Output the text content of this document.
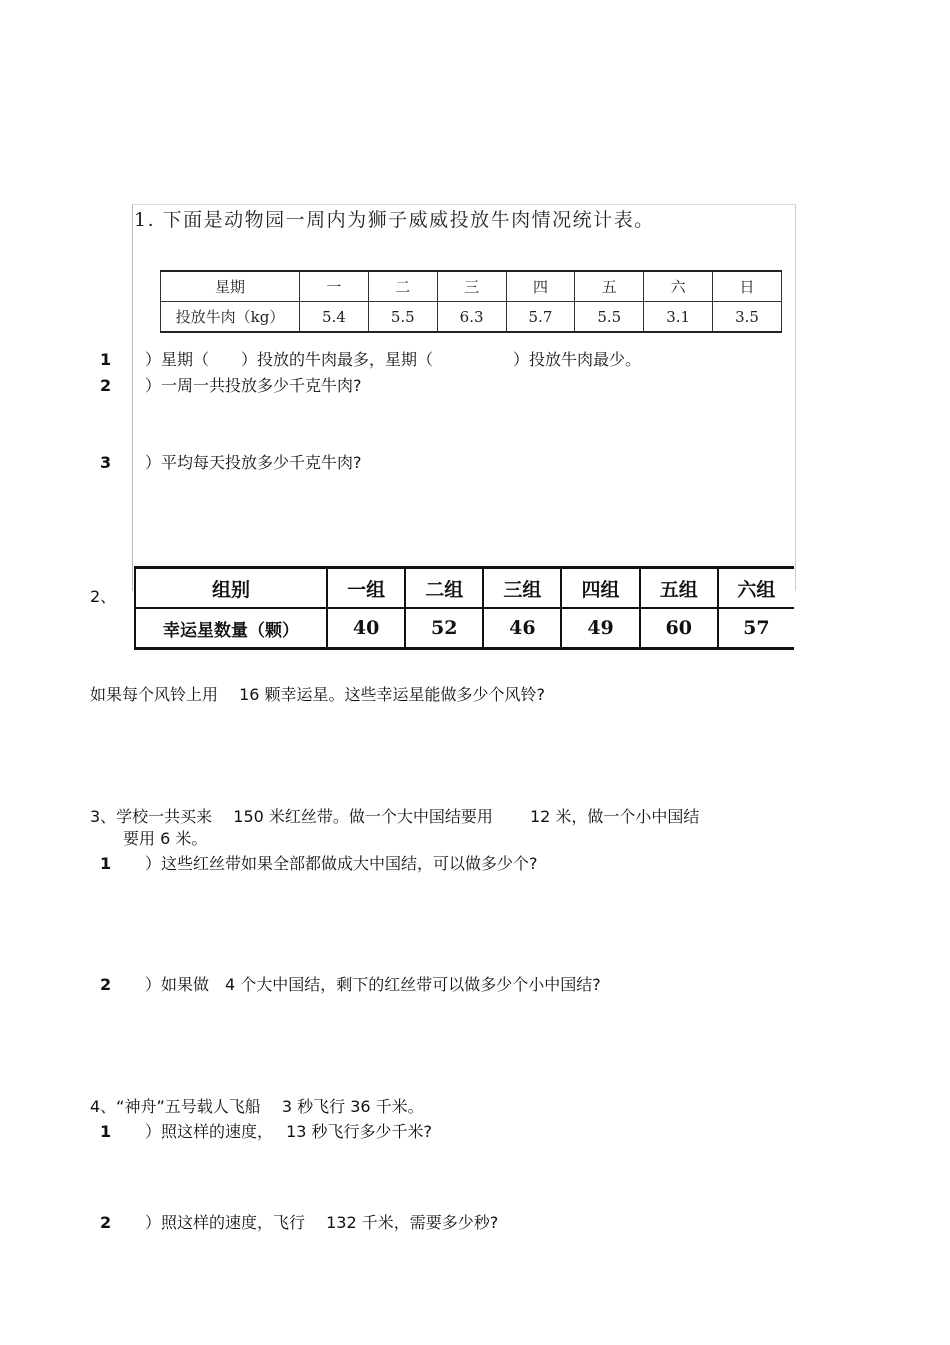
1. 下面是动物园一周内为狮子威威投放牛肉情况统计表。
星期	一	二	三	四	五	六	日
投放牛肉（kg）	5.4	5.5	6.3	5.7	5.5	3.1	3.5
1 ）星期（　　）投放的牛肉最多，星期（　　　　　）投放牛肉最少。
2 ）一周一共投放多少千克牛肉?
3 ）平均每天投放多少千克牛肉?
2、	组别	一组	二组	三组	四组	五组	六组
幸运星数量（颗）	40	52	46	49	60	57
如果每个风铃上用　 16 颗幸运星。这些幸运星能做多少个风铃?
3、学校一共买来　 150 米红丝带。做一个大中国结要用　　 12 米，做一个小中国结
要用 6 米。
1 ）这些红丝带如果全部都做成大中国结，可以做多少个?
2 ）如果做　4 个大中国结，剩下的红丝带可以做多少个小中国结?
4、“神舟”五号载人飞船　 3 秒飞行 36 千米。
1 ）照这样的速度，　 13 秒飞行多少千米?
2 ）照这样的速度，飞行　 132 千米，需要多少秒?
